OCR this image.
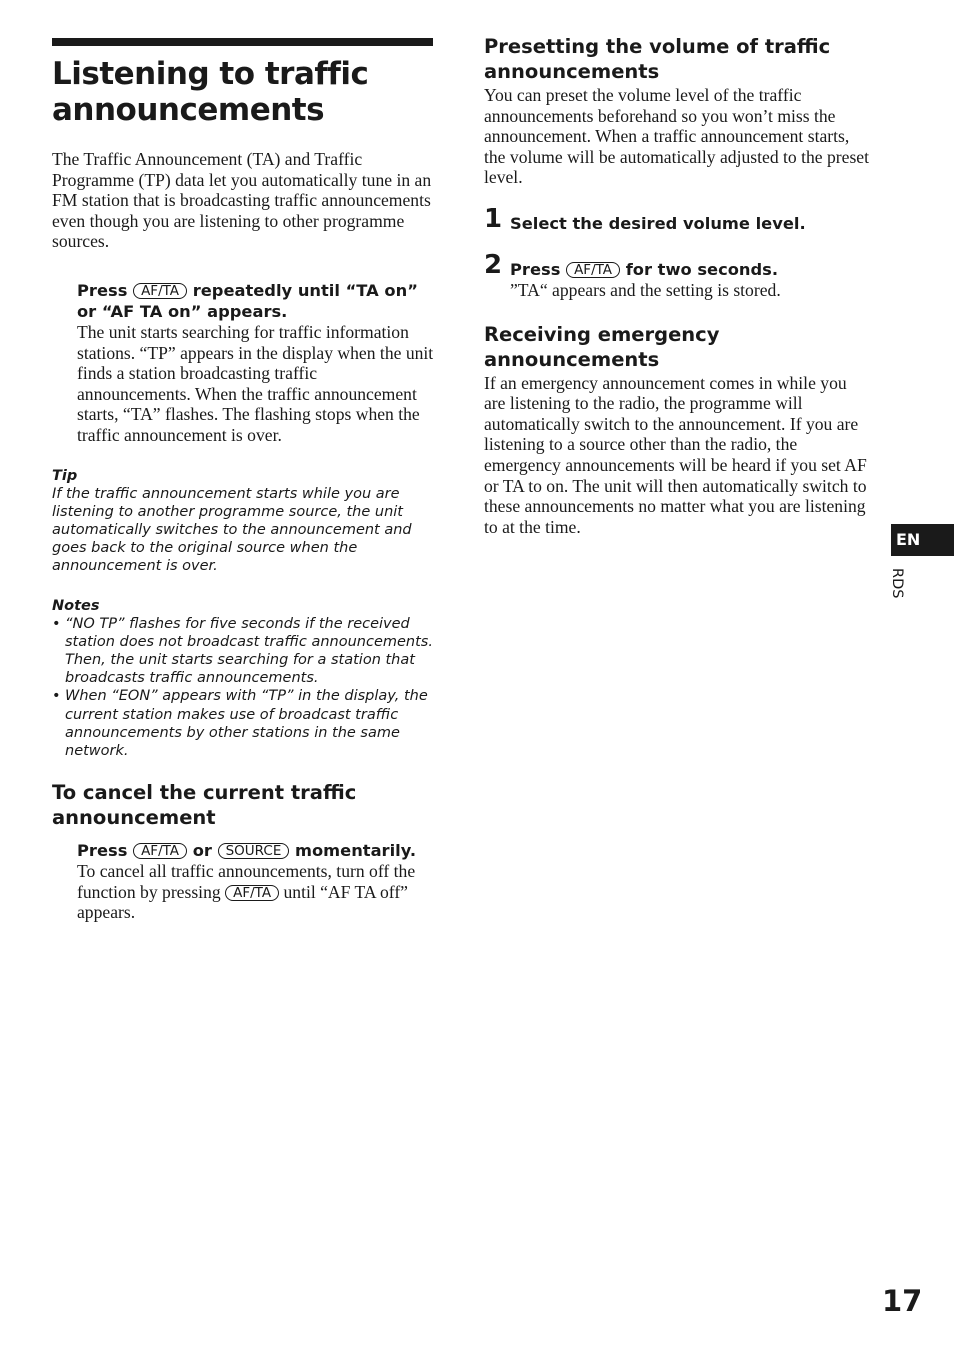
Listening to traffic
announcements

The Traffic Announcement (TA) and Traffic Programme (TP) data let you automatically tune in an FM station that is broadcasting traffic announcements even though you are listening to other programme sources.

Press AF/TA repeatedly until “TA on” or “AF TA on” appears.

The unit starts searching for traffic information stations. “TP” appears in the display when the unit finds a station broadcasting traffic announcements. When the traffic announcement starts, “TA” flashes. The flashing stops when the traffic announcement is over.

Tip
If the traffic announcement starts while you are listening to another programme source, the unit automatically switches to the announcement and goes back to the original source when the announcement is over.
Notes
• “NO TP” flashes for five seconds if the received station does not broadcast traffic announcements. Then, the unit starts searching for a station that broadcasts traffic announcements.
• When “EON” appears with “TP” in the display, the current station makes use of broadcast traffic announcements by other stations in the same network.
To cancel the current traffic announcement
Press AF/TA or SOURCE momentarily.

To cancel all traffic announcements, turn off the function by pressing AF/TA until “AF TA off” appears.

Presetting the volume of traffic announcements

You can preset the volume level of the traffic announcements beforehand so you won’t miss the announcement. When a traffic announcement starts, the volume will be automatically adjusted to the preset level.

1 Select the desired volume level.
2 Press AF/TA for two seconds.

”TA“ appears and the setting is stored.

Receiving emergency announcements

If an emergency announcement comes in while you are listening to the radio, the programme will automatically switch to the announcement. If you are listening to a source other than the radio, the emergency announcements will be heard if you set AF or TA to on. The unit will then automatically switch to these announcements no matter what you are listening to at the time.

EN
RDS
17
